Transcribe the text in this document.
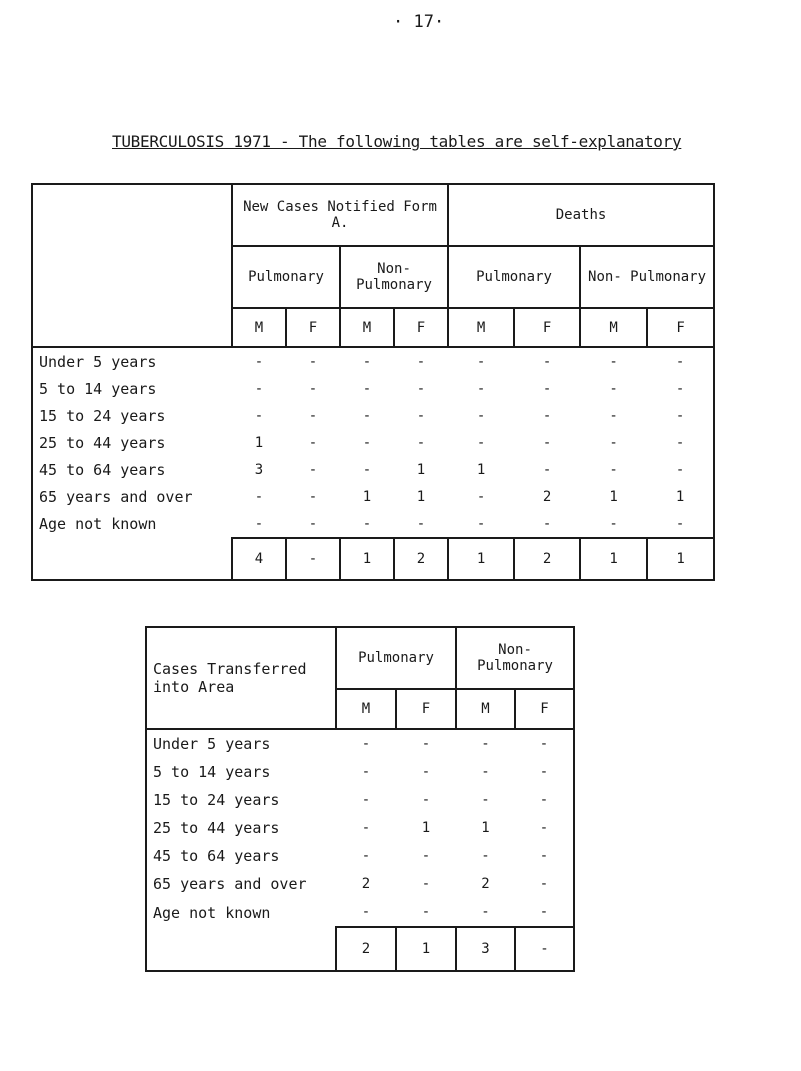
· 17·
TUBERCULOSIS 1971 - The following tables are self-explanatory
	New Cases Notified Form A.				Deaths			
	Pulmonary		Non- Pulmonary		Pulmonary		Non- Pulmonary	
	M	F	M	F	M	F	M	F
Under 5 years	-	-	-	-	-	-	-	-
5 to 14 years	-	-	-	-	-	-	-	-
15 to 24 years	-	-	-	-	-	-	-	-
25 to 44 years	1	-	-	-	-	-	-	-
45 to 64 years	3	-	-	1	1	-	-	-
65 years and over	-	-	1	1	-	2	1	1
Age not known	-	-	-	-	-	-	-	-
	4	-	1	2	1	2	1	1
Cases Transferred into Area	Pulmonary		Non- Pulmonary	
	M	F	M	F
Under 5 years	-	-	-	-
5 to 14 years	-	-	-	-
15 to 24 years	-	-	-	-
25 to 44 years	-	1	1	-
45 to 64 years	-	-	-	-
65 years and over	2	-	2	-
Age not known	-	-	-	-
	2	1	3	-
